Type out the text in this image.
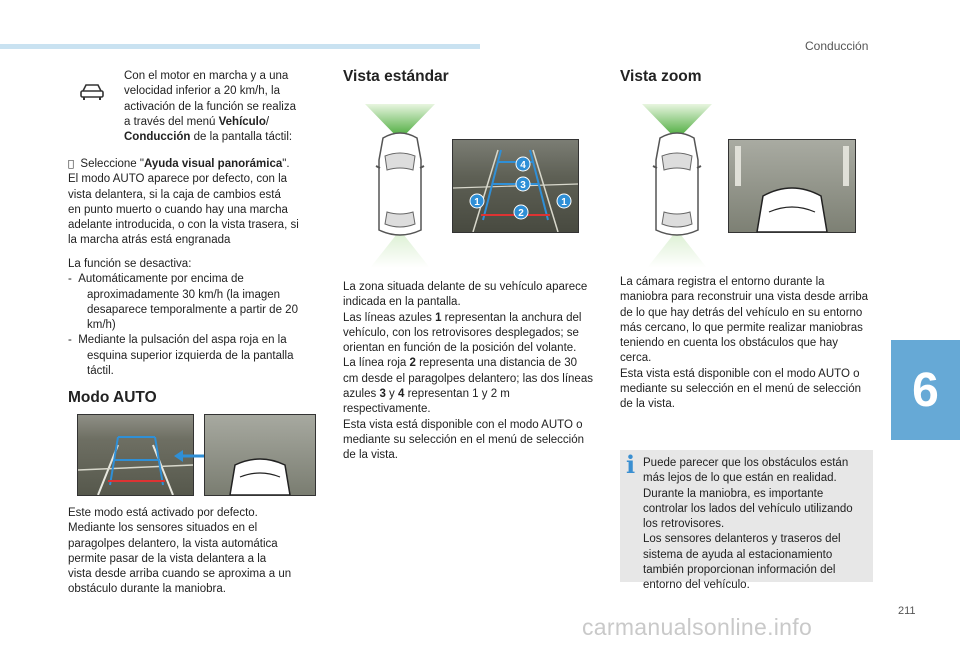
Conducción
6
211
carmanualsonline.info

Con el motor en marcha y a una
velocidad inferior a 20 km/h, la
activación de la función se realiza
a través del menú Vehículo/
Conducción de la pantalla táctil:

Seleccione "Ayuda visual panorámica".
El modo AUTO aparece por defecto, con la
vista delantera, si la caja de cambios está
en punto muerto o cuando hay una marcha
adelante introducida, o con la vista trasera, si
la marcha atrás está engranada

La función se desactiva:

-  Automáticamente por encima de aproximadamente 30 km/h (la imagen desaparece temporalmente a partir de 20 km/h)

-  Mediante la pulsación del aspa roja en la esquina superior izquierda de la pantalla táctil.

Modo AUTO

Este modo está activado por defecto.
Mediante los sensores situados en el
paragolpes delantero, la vista automática
permite pasar de la vista delantera a la
vista desde arriba cuando se aproxima a un
obstáculo durante la maniobra.

Vista estándar
4
3
1
2
1

La zona situada delante de su vehículo aparece indicada en la pantalla.

Las líneas azules 1 representan la anchura del vehículo, con los retrovisores desplegados; se orientan en función de la posición del volante.

La línea roja 2 representa una distancia de 30 cm desde el paragolpes delantero; las dos líneas azules 3 y 4 representan 1 y 2 m respectivamente.

Esta vista está disponible con el modo AUTO o mediante su selección en el menú de selección de la vista.

Vista zoom

La cámara registra el entorno durante la maniobra para reconstruir una vista desde arriba de lo que hay detrás del vehículo en su entorno más cercano, lo que permite realizar maniobras teniendo en cuenta los obstáculos que hay cerca.

Esta vista está disponible con el modo AUTO o mediante su selección en el menú de selección de la vista.

i Puede parecer que los obstáculos están más lejos de lo que están en realidad. Durante la maniobra, es importante controlar los lados del vehículo utilizando los retrovisores.

Los sensores delanteros y traseros del sistema de ayuda al estacionamiento también proporcionan información del entorno del vehículo.
